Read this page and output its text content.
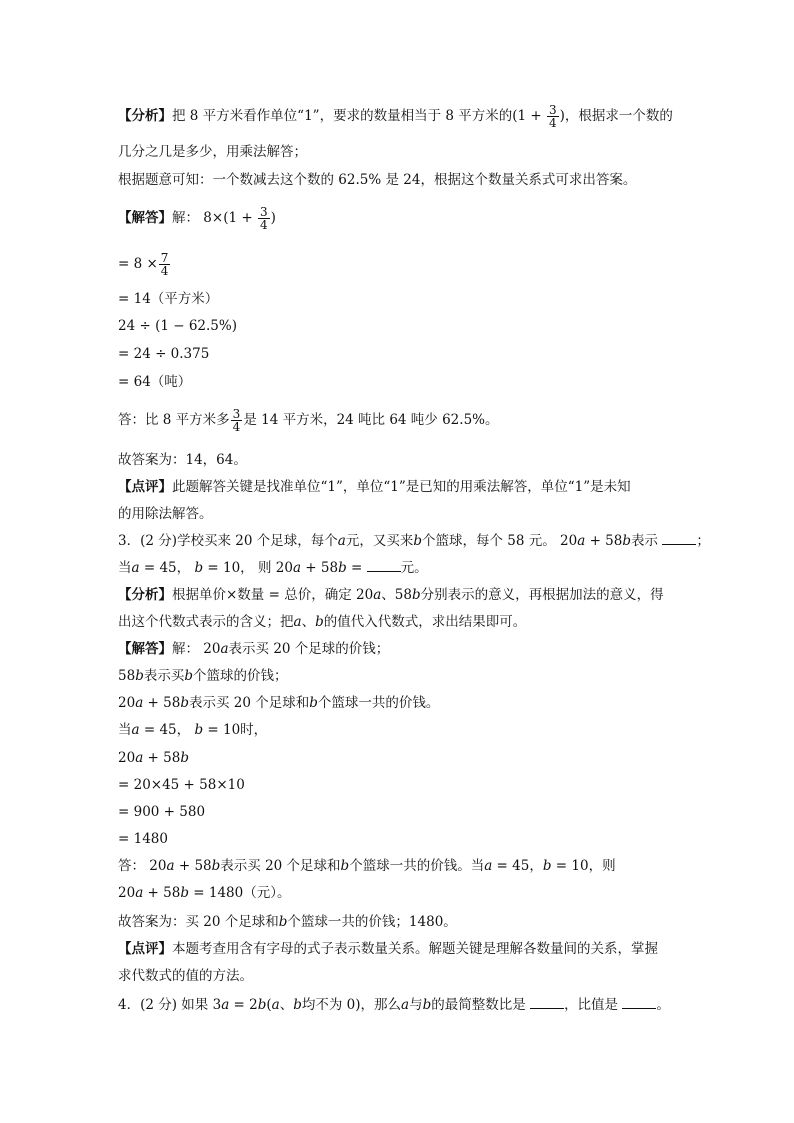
【分析】把 8 平方米看作单位“1”，要求的数量相当于 8 平方米的($1 + \frac{3}{4}$ )，根据求一个数的
几分之几是多少，用乘法解答；
根据题意可知：一个数减去这个数的 62.5% 是 24，根据这个数量关系式可求出答案。
【解答】解： $8\times(1 + \frac{3}{4}$ )
= $8 \times \frac{7}{4}$
= 14（平方米）
24 ÷ (1 − 62.5%)
= 24 ÷ 0.375
= 64（吨）
答：比 8 平方米多 $\frac{3}{4}$ 是 14 平方米，24 吨比 64 吨少 62.5%。
故答案为：14，64。
【点评】此题解答关键是找准单位“1”，单位“1”是已知的用乘法解答，单位“1”是未知
的用除法解答。
3．(2 分)学校买来 20 个足球，每个a元，又买来b个篮球，每个 58 元。 20a + 58b表示	；
当a = 45， b = 10， 则 20a + 58b =	元。
【分析】根据单价×数量 = 总价，确定 20a、58b分别表示的意义，再根据加法的意义，得
出这个代数式表示的含义；把a、b的值代入代数式，求出结果即可。
【解答】解： 20a表示买 20 个足球的价钱；
58b表示买b个篮球的价钱；
20a + 58b表示买 20 个足球和b个篮球一共的价钱。
当a = 45， b = 10时，
20a + 58b
= 20×45 + 58×10
= 900 + 580
= 1480
答： 20a + 58b表示买 20 个足球和b个篮球一共的价钱。当a = 45，b = 10，则
20a + 58b = 1480（元）。
故答案为：买 20 个足球和b个篮球一共的价钱；1480。
【点评】本题考查用含有字母的式子表示数量关系。解题关键是理解各数量间的关系，掌握
求代数式的值的方法。
4．(2 分) 如果 3a = 2b(a、b均不为 0)，那么a与b的最简整数比是	，比值是	。
